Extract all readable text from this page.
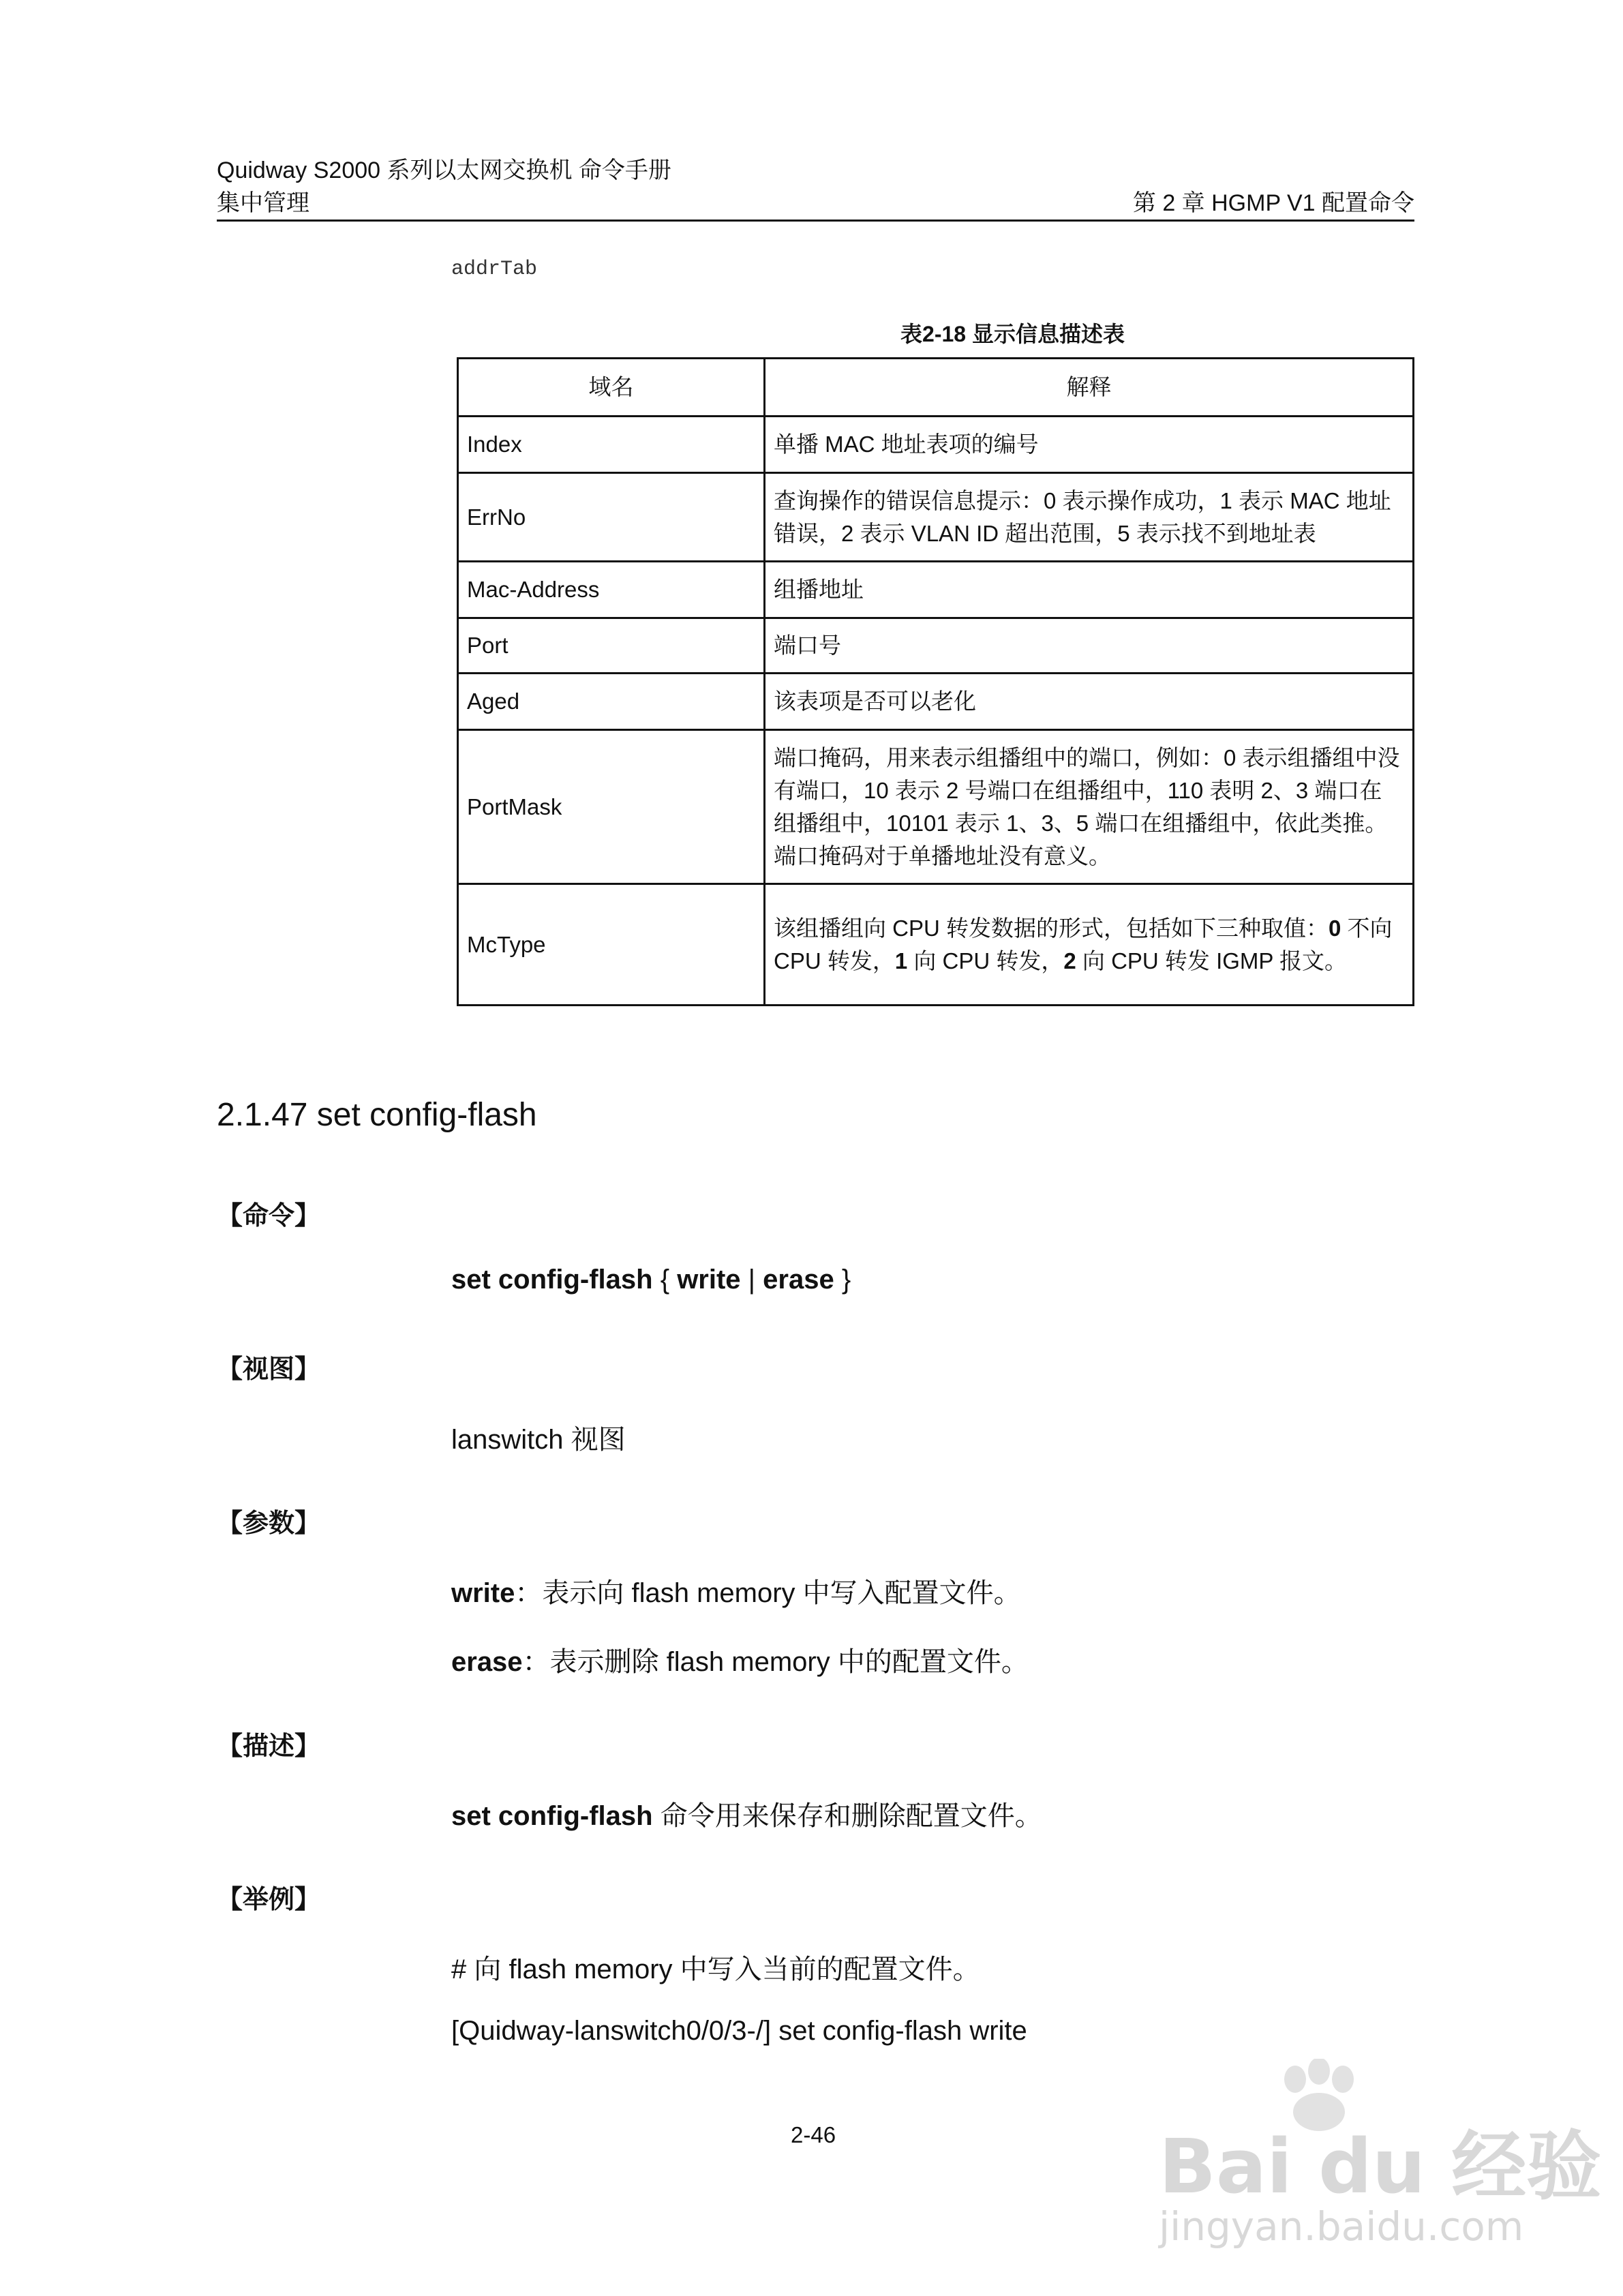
Quidway S2000 系列以太网交换机 命令手册
集中管理	第 2 章 HGMP V1 配置命令
addrTab
表2-18 显示信息描述表
域名	解释
Index	单播 MAC 地址表项的编号
ErrNo	查询操作的错误信息提示：0 表示操作成功，1 表示 MAC 地址错误，2 表示 VLAN ID 超出范围，5 表示找不到地址表
Mac-Address	组播地址
Port	端口号
Aged	该表项是否可以老化
PortMask	端口掩码，用来表示组播组中的端口，例如：0 表示组播组中没有端口，10 表示 2 号端口在组播组中，110 表明 2、3 端口在组播组中，10101 表示 1、3、5 端口在组播组中，依此类推。端口掩码对于单播地址没有意义。
McType	该组播组向 CPU 转发数据的形式，包括如下三种取值：0 不向 CPU 转发，1 向 CPU 转发，2 向 CPU 转发 IGMP 报文。
2.1.47 set config-flash
【命令】
set config-flash { write | erase }
【视图】
lanswitch 视图
【参数】
write：表示向 flash memory 中写入配置文件。
erase：表示删除 flash memory 中的配置文件。
【描述】
set config-flash 命令用来保存和删除配置文件。
【举例】
# 向 flash memory 中写入当前的配置文件。
[Quidway-lanswitch0/0/3-/] set config-flash write
2-46	Bai du 经验
jingyan.baidu.com
